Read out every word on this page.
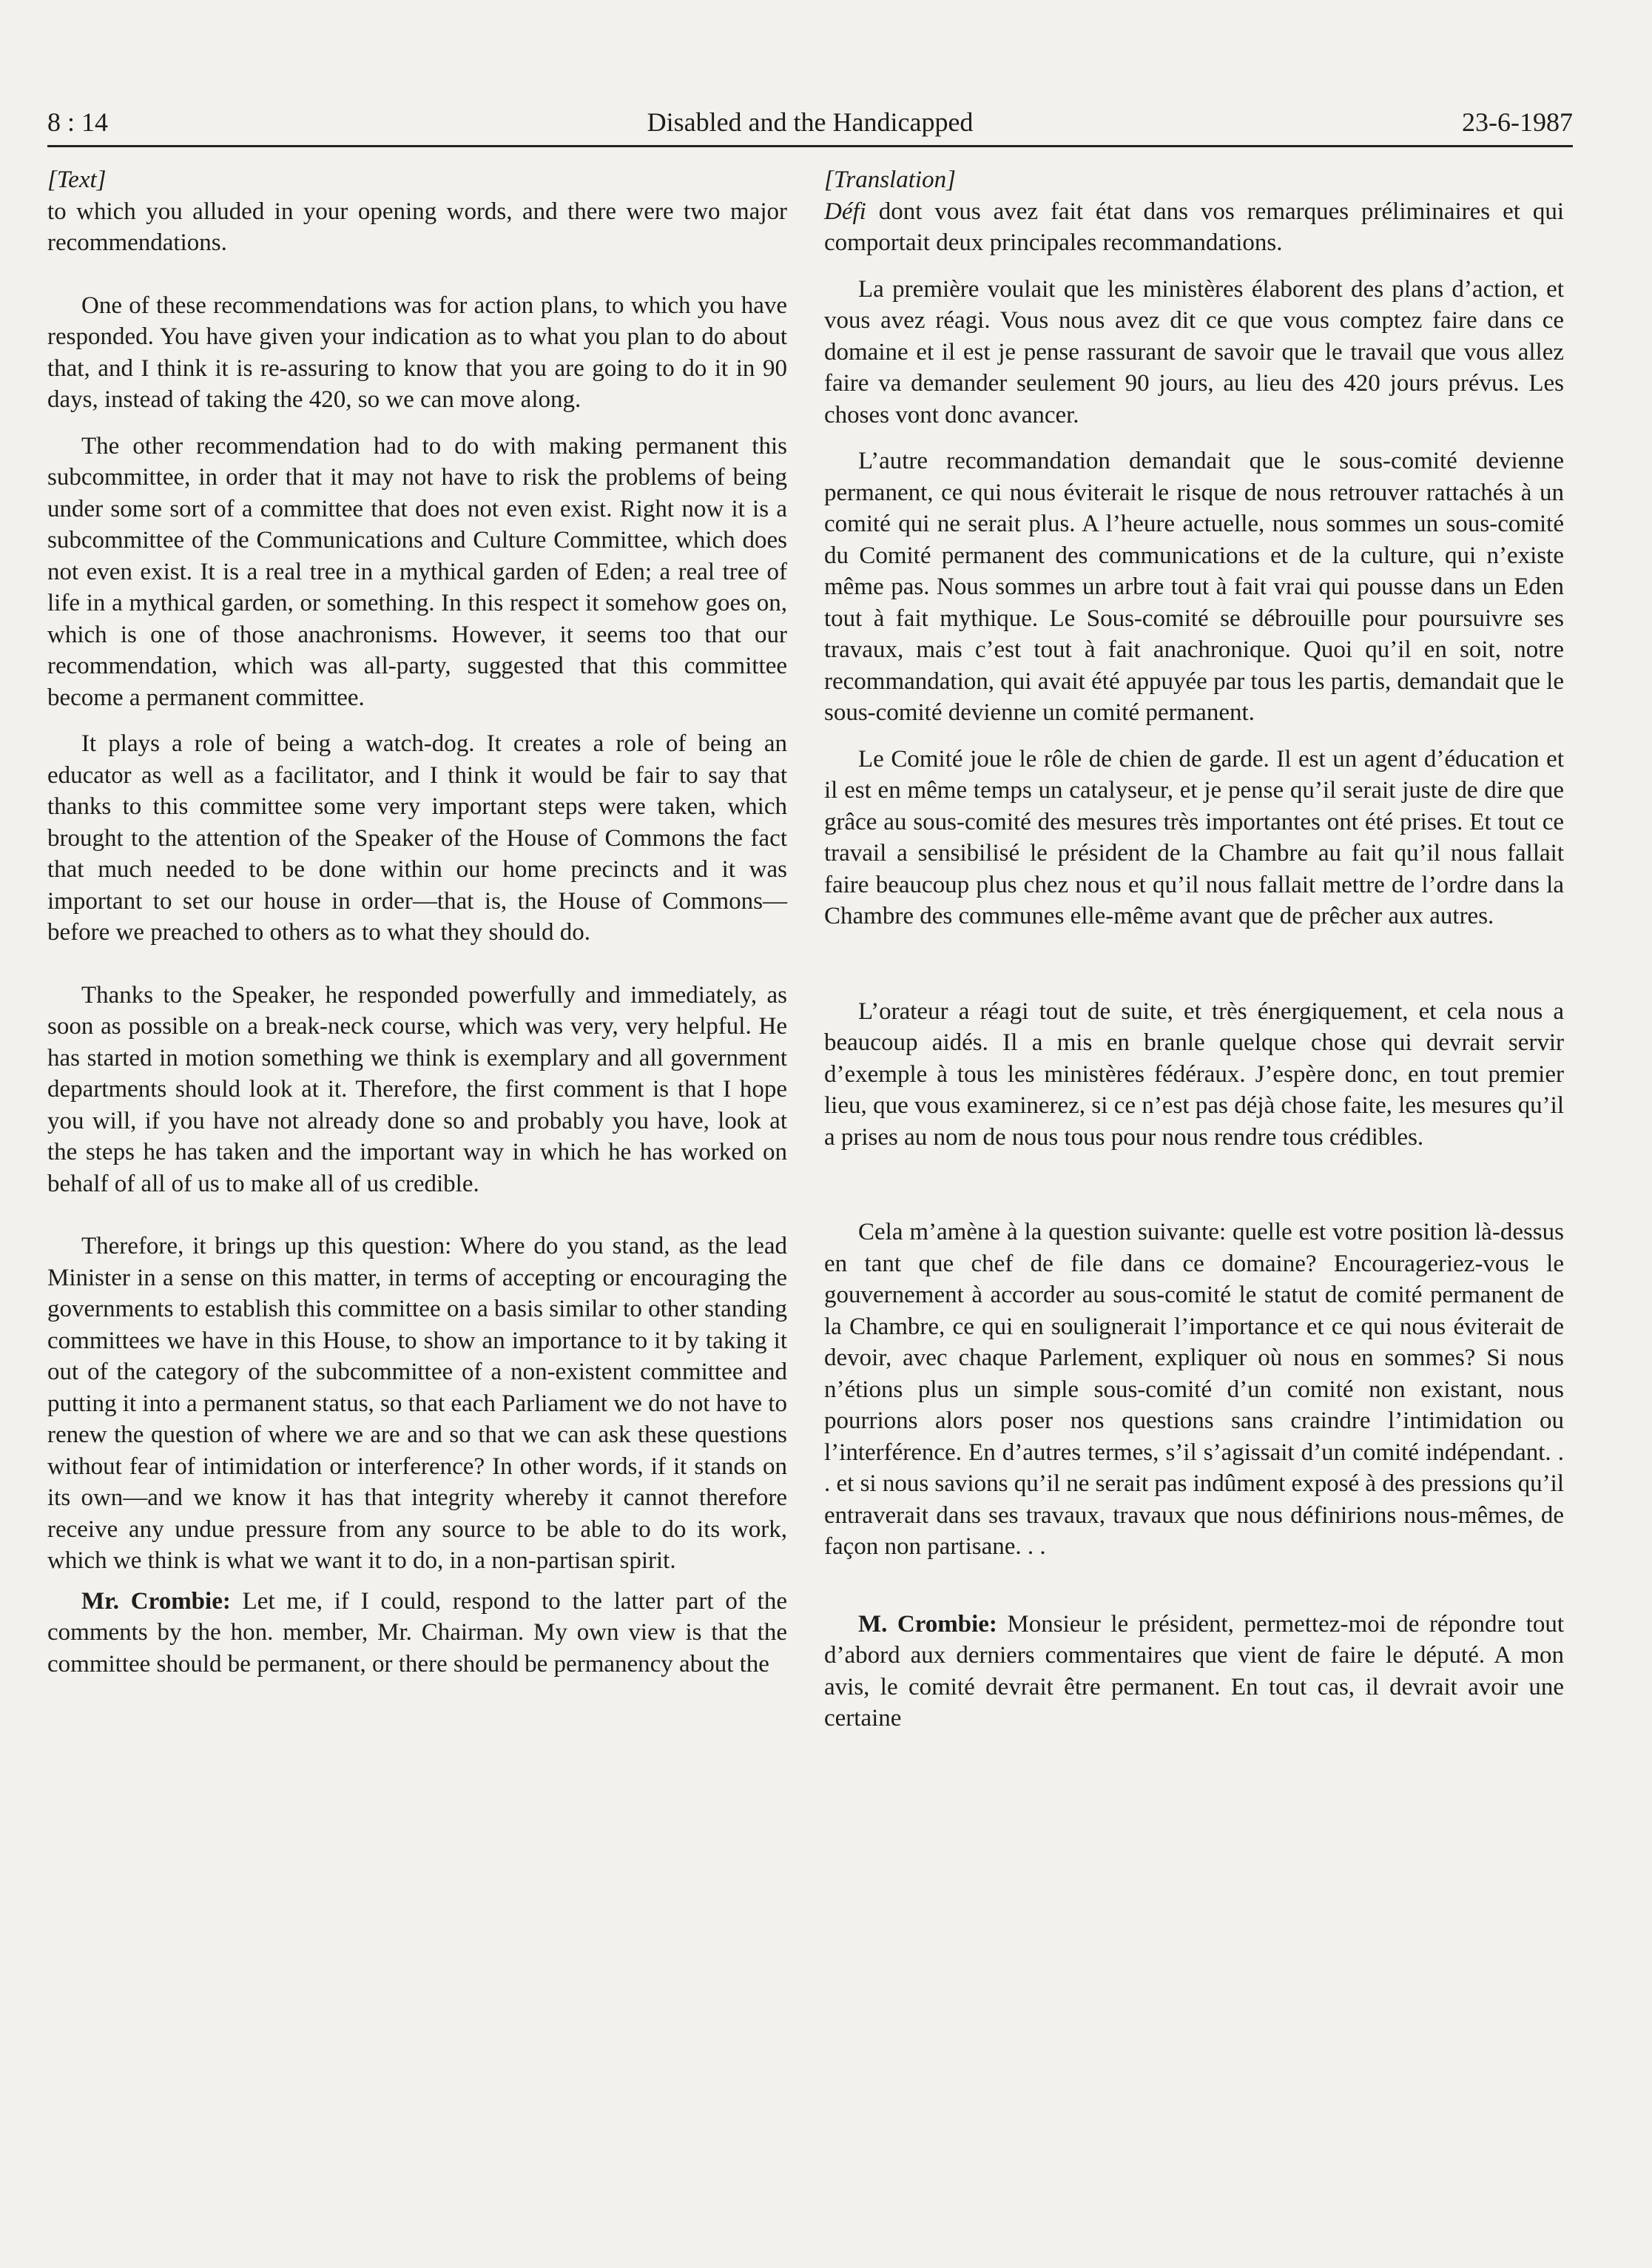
8 : 14	Disabled and the Handicapped	23-6-1987
[Text]

to which you alluded in your opening words, and there were two major recommendations.

One of these recommendations was for action plans, to which you have responded. You have given your indication as to what you plan to do about that, and I think it is re-assuring to know that you are going to do it in 90 days, instead of taking the 420, so we can move along.

The other recommendation had to do with making permanent this subcommittee, in order that it may not have to risk the problems of being under some sort of a committee that does not even exist. Right now it is a subcommittee of the Communications and Culture Committee, which does not even exist. It is a real tree in a mythical garden of Eden; a real tree of life in a mythical garden, or something. In this respect it somehow goes on, which is one of those anachronisms. However, it seems too that our recommendation, which was all-party, suggested that this committee become a permanent committee.

It plays a role of being a watch-dog. It creates a role of being an educator as well as a facilitator, and I think it would be fair to say that thanks to this committee some very important steps were taken, which brought to the attention of the Speaker of the House of Commons the fact that much needed to be done within our home precincts and it was important to set our house in order—that is, the House of Commons—before we preached to others as to what they should do.

Thanks to the Speaker, he responded powerfully and immediately, as soon as possible on a break-neck course, which was very, very helpful. He has started in motion something we think is exemplary and all government departments should look at it. Therefore, the first comment is that I hope you will, if you have not already done so and probably you have, look at the steps he has taken and the important way in which he has worked on behalf of all of us to make all of us credible.

Therefore, it brings up this question: Where do you stand, as the lead Minister in a sense on this matter, in terms of accepting or encouraging the governments to establish this committee on a basis similar to other standing committees we have in this House, to show an importance to it by taking it out of the category of the subcommittee of a non-existent committee and putting it into a permanent status, so that each Parliament we do not have to renew the question of where we are and so that we can ask these questions without fear of intimidation or interference? In other words, if it stands on its own—and we know it has that integrity whereby it cannot therefore receive any undue pressure from any source to be able to do its work, which we think is what we want it to do, in a non-partisan spirit.

Mr. Crombie: Let me, if I could, respond to the latter part of the comments by the hon. member, Mr. Chairman. My own view is that the committee should be permanent, or there should be permanency about the

[Translation]

Défi dont vous avez fait état dans vos remarques préliminaires et qui comportait deux principales recommandations.

La première voulait que les ministères élaborent des plans d’action, et vous avez réagi. Vous nous avez dit ce que vous comptez faire dans ce domaine et il est je pense rassurant de savoir que le travail que vous allez faire va demander seulement 90 jours, au lieu des 420 jours prévus. Les choses vont donc avancer.

L’autre recommandation demandait que le sous-comité devienne permanent, ce qui nous éviterait le risque de nous retrouver rattachés à un comité qui ne serait plus. A l’heure actuelle, nous sommes un sous-comité du Comité permanent des communications et de la culture, qui n’existe même pas. Nous sommes un arbre tout à fait vrai qui pousse dans un Eden tout à fait mythique. Le Sous-comité se débrouille pour poursuivre ses travaux, mais c’est tout à fait anachronique. Quoi qu’il en soit, notre recommandation, qui avait été appuyée par tous les partis, demandait que le sous-comité devienne un comité permanent.

Le Comité joue le rôle de chien de garde. Il est un agent d’éducation et il est en même temps un catalyseur, et je pense qu’il serait juste de dire que grâce au sous-comité des mesures très importantes ont été prises. Et tout ce travail a sensibilisé le président de la Chambre au fait qu’il nous fallait faire beaucoup plus chez nous et qu’il nous fallait mettre de l’ordre dans la Chambre des communes elle-même avant que de prêcher aux autres.

L’orateur a réagi tout de suite, et très énergiquement, et cela nous a beaucoup aidés. Il a mis en branle quelque chose qui devrait servir d’exemple à tous les ministères fédéraux. J’espère donc, en tout premier lieu, que vous examinerez, si ce n’est pas déjà chose faite, les mesures qu’il a prises au nom de nous tous pour nous rendre tous crédibles.

Cela m’amène à la question suivante: quelle est votre position là-dessus en tant que chef de file dans ce domaine? Encourageriez-vous le gouvernement à accorder au sous-comité le statut de comité permanent de la Chambre, ce qui en soulignerait l’importance et ce qui nous éviterait de devoir, avec chaque Parlement, expliquer où nous en sommes? Si nous n’étions plus un simple sous-comité d’un comité non existant, nous pourrions alors poser nos questions sans craindre l’intimidation ou l’interférence. En d’autres termes, s’il s’agissait d’un comité indépendant. . . et si nous savions qu’il ne serait pas indûment exposé à des pressions qu’il entraverait dans ses travaux, travaux que nous définirions nous-mêmes, de façon non partisane. . .

M. Crombie: Monsieur le président, permettez-moi de répondre tout d’abord aux derniers commentaires que vient de faire le député. A mon avis, le comité devrait être permanent. En tout cas, il devrait avoir une certaine
